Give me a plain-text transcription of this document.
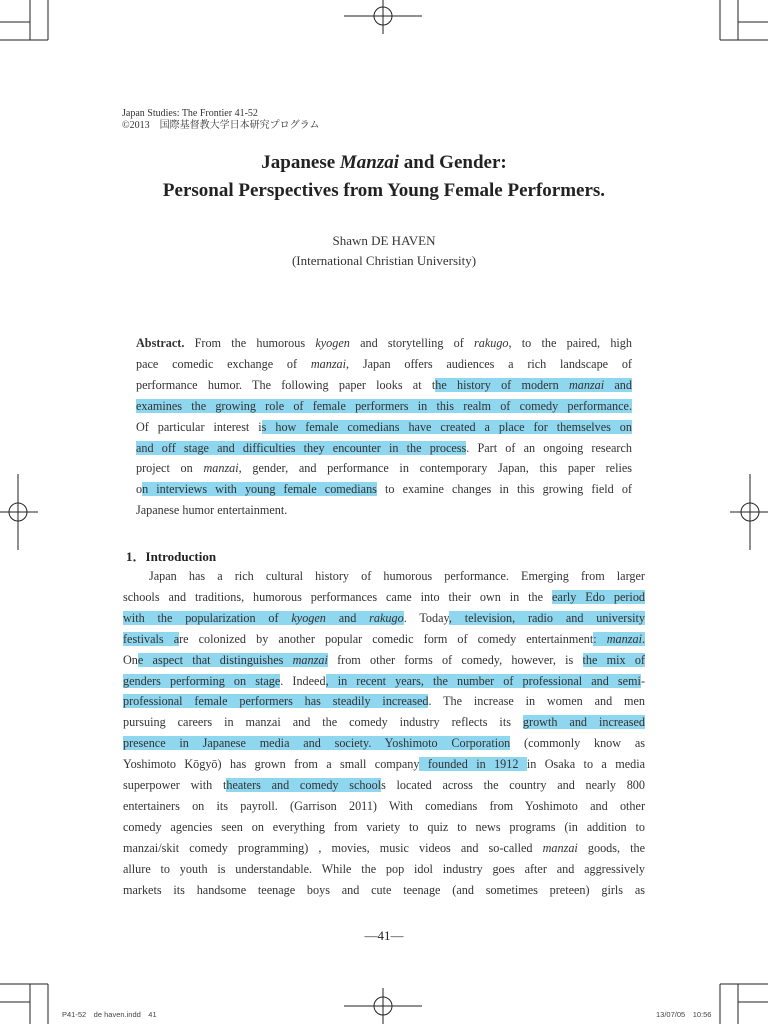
Japan Studies: The Frontier 41-52
©2013　国際基督教大学日本研究プログラム
Japanese Manzai and Gender:
Personal Perspectives from Young Female Performers.
Shawn DE HAVEN
(International Christian University)

Abstract. From the humorous kyogen and storytelling of rakugo, to the paired, high

pace comedic exchange of manzai, Japan offers audiences a rich landscape of

performance humor. The following paper looks at the history of modern manzai and

examines the growing role of female performers in this realm of comedy performance.

Of particular interest is how female comedians have created a place for themselves on

and off stage and difficulties they encounter in the process. Part of an ongoing research

project on manzai, gender, and performance in contemporary Japan, this paper relies

on interviews with young female comedians to examine changes in this growing field of

Japanese humor entertainment.

1．Introduction

Japan has a rich cultural history of humorous performance. Emerging from larger

schools and traditions, humorous performances came into their own in the early Edo period

with the popularization of kyogen and rakugo. Today, television, radio and university

festivals are colonized by another popular comedic form of comedy entertainment: manzai.

One aspect that distinguishes manzai from other forms of comedy, however, is the mix of

genders performing on stage. Indeed, in recent years, the number of professional and semi-

professional female performers has steadily increased. The increase in women and men

pursuing careers in manzai and the comedy industry reflects its growth and increased

presence in Japanese media and society. Yoshimoto Corporation (commonly know as

Yoshimoto Kōgyō) has grown from a small company founded in 1912 in Osaka to a media

superpower with theaters and comedy schools located across the country and nearly 800

entertainers on its payroll. (Garrison 2011) With comedians from Yoshimoto and other

comedy agencies seen on everything from variety to quiz to news programs (in addition to

manzai/skit comedy programming) , movies, music videos and so-called manzai goods, the

allure to youth is understandable. While the pop idol industry goes after and aggressively

markets its handsome teenage boys and cute teenage (and sometimes preteen) girls as

—41—
P41-52　de haven.indd　41	13/07/05　10:56
